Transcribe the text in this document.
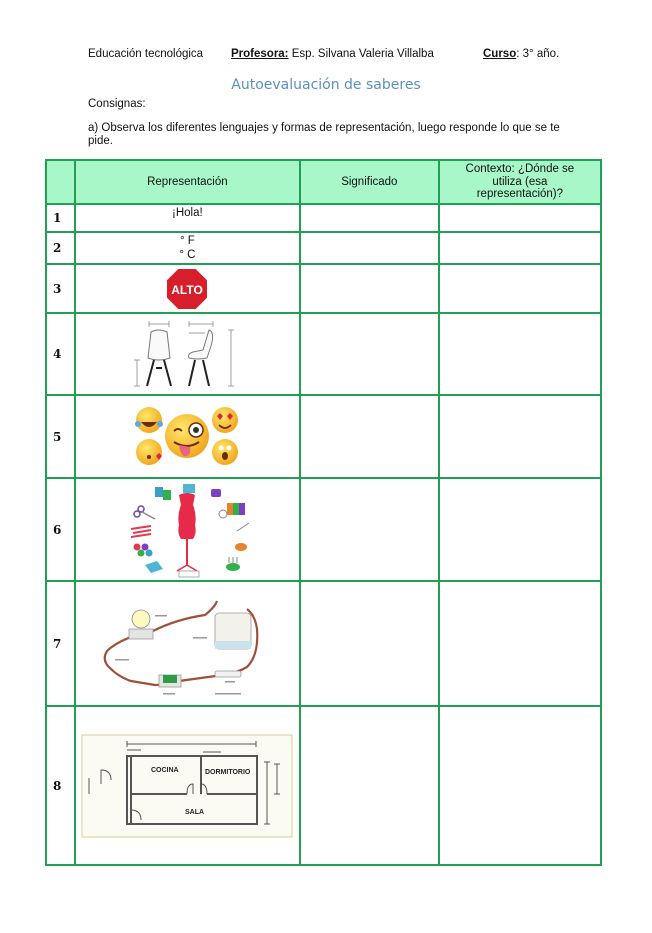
Educación tecnológica Profesora: Esp. Silvana Valeria Villalba	Curso: 3° año.
Autoevaluación de saberes
Consignas:
a) Observa los diferentes lenguajes y formas de representación, luego responde lo que se te pide.
	Representación	Significado	Contexto: ¿Dónde se utiliza (esa representación)?
1	¡Hola!		

2	° F
° C		

3	ALTO		

4	

5	

6	

7	

8	COCINA DORMITORIO
SALA		
